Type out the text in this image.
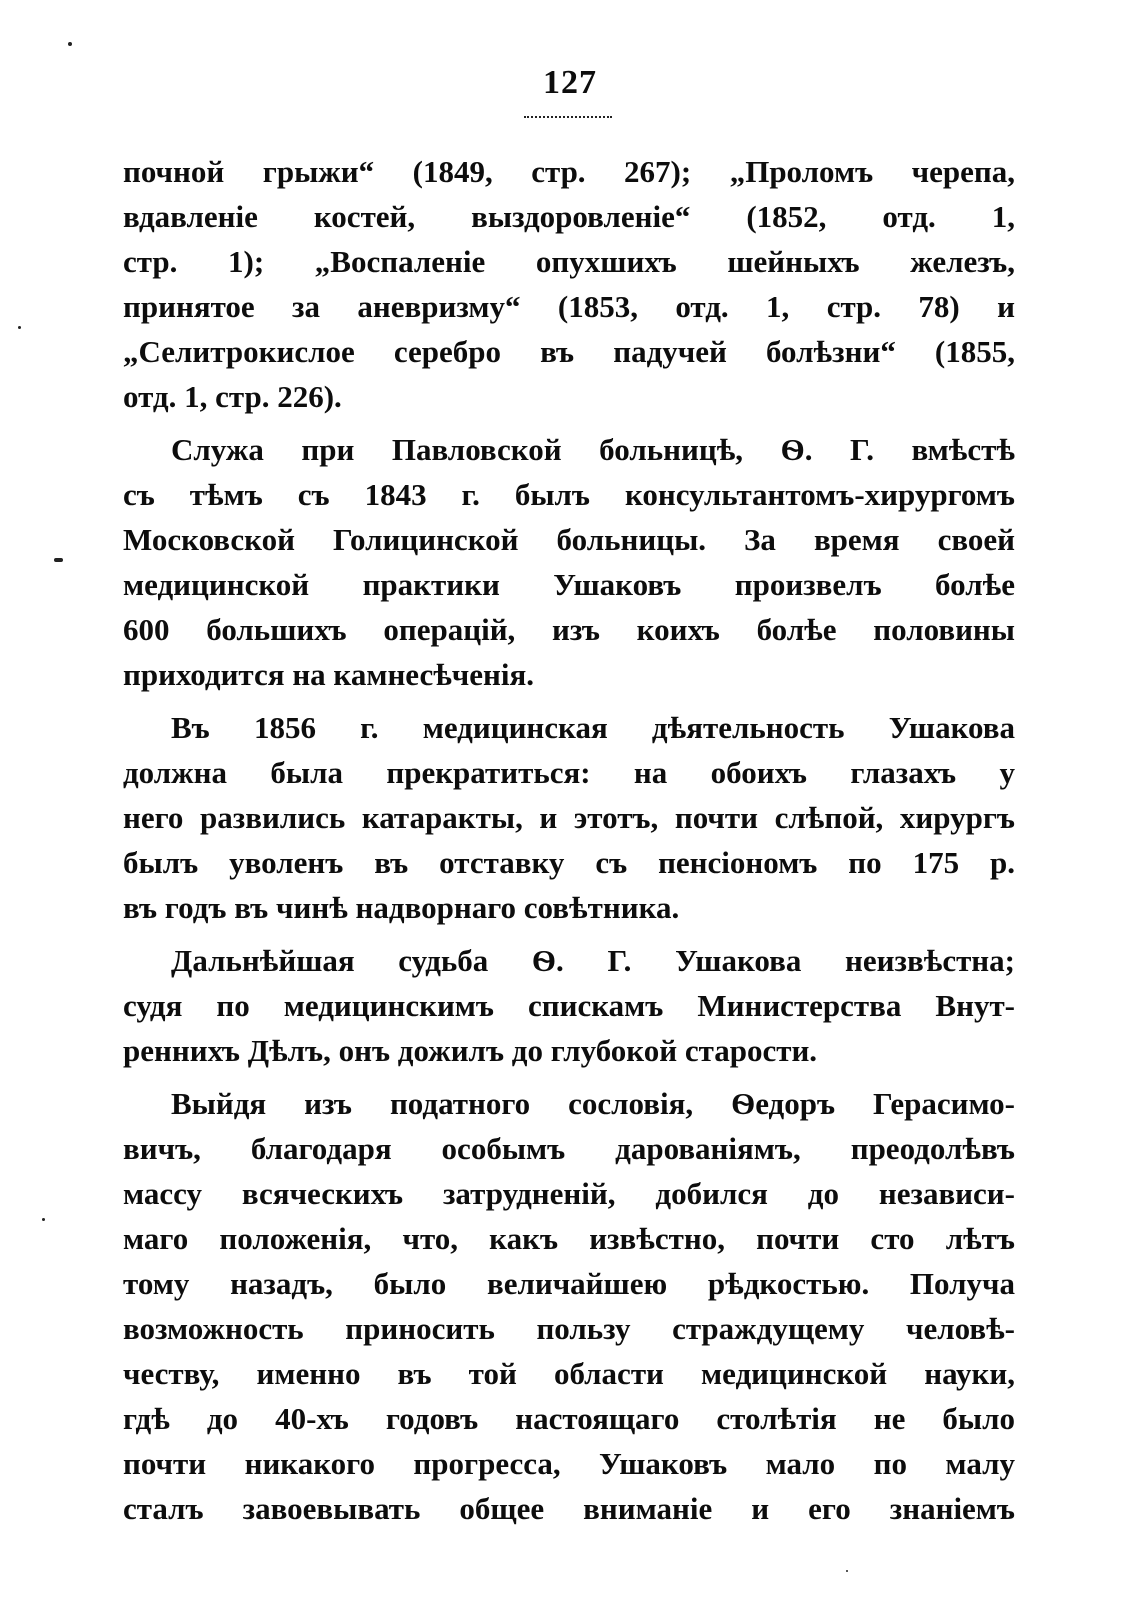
127
почной грыжи“ (1849, стр. 267); „Проломъ черепа,
вдавленіе костей, выздоровленіе“ (1852, отд. 1,
стр. 1); „Воспаленіе опухшихъ шейныхъ железъ,
принятое за аневризму“ (1853, отд. 1, стр. 78) и
„Селитрокислое серебро въ падучей болѣзни“ (1855,
отд. 1, стр. 226).
Служа при Павловской больницѣ, Ѳ. Г. вмѣстѣ
съ тѣмъ съ 1843 г. былъ консультантомъ-хирургомъ
Московской Голицинской больницы. За время своей
медицинской практики Ушаковъ произвелъ болѣе
600 большихъ операцій, изъ коихъ болѣе половины
приходится на камнесѣченія.
Въ 1856 г. медицинская дѣятельность Ушакова
должна была прекратиться: на обоихъ глазахъ у
него развились катаракты, и этотъ, почти слѣпой, хирургъ
былъ уволенъ въ отставку съ пенсіономъ по 175 р.
въ годъ въ чинѣ надворнаго совѣтника.
Дальнѣйшая судьба Ѳ. Г. Ушакова неизвѣстна;
судя по медицинскимъ спискамъ Министерства Внут-
реннихъ Дѣлъ, онъ дожилъ до глубокой старости.
Выйдя изъ податного сословія, Ѳедоръ Герасимо-
вичъ, благодаря особымъ дарованіямъ, преодолѣвъ
массу всяческихъ затрудненій, добился до независи-
маго положенія, что, какъ извѣстно, почти сто лѣтъ
тому назадъ, было величайшею рѣдкостью. Получа
возможность приносить пользу страждущему человѣ-
честву, именно въ той области медицинской науки,
гдѣ до 40-хъ годовъ настоящаго столѣтія не было
почти никакого прогресса, Ушаковъ мало по малу
сталъ завоевывать общее вниманіе и его знаніемъ
